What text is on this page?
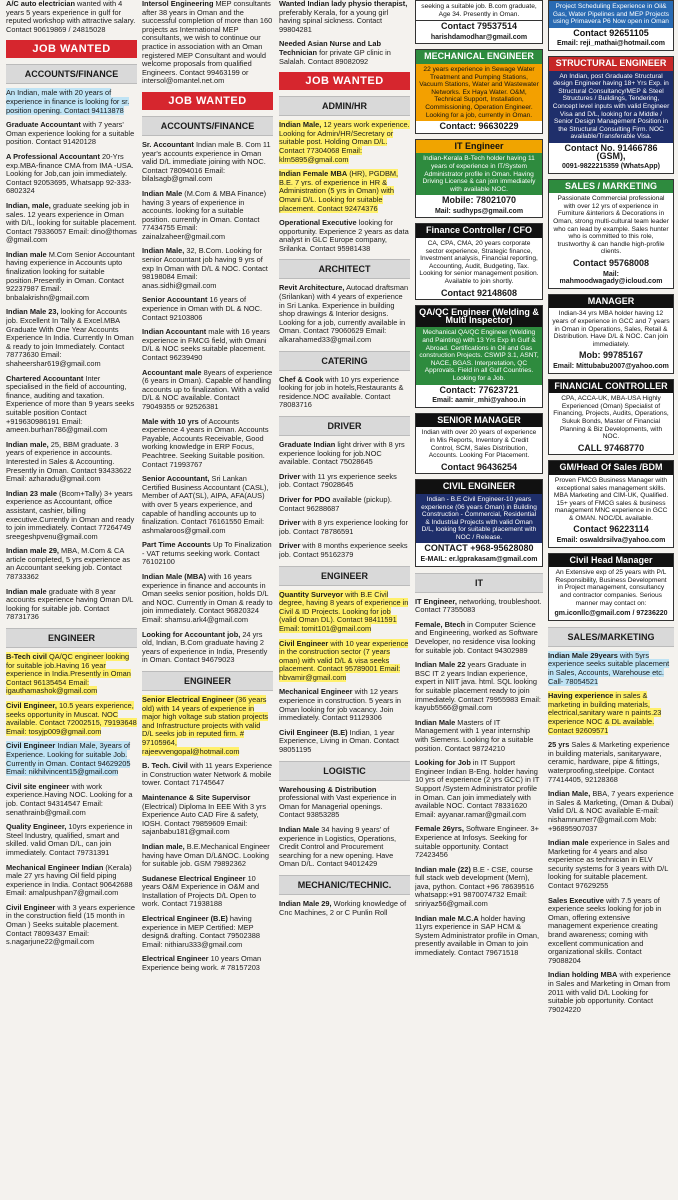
A/C auto electrician wanted with 4 years 5 years experience in gulf for reputed workshop with attractive salary. Contact 90619869 / 24815028

JOB WANTED
ACCOUNTS/FINANCE

An Indian, male with 20 years of experience in finance is looking for sr. position opening. Contact 94113878

Graduate Accountant with 7 years' Oman experience looking for a suitable position. Contact 91420128

A Professional Accountant 20-Yrs exp.MBA-finance CMA from IMA -USA. Looking for Job,can join immediately. Contact 92053695, Whatsapp 92-333-6802324

Indian, male, graduate seeking job in sales. 12 years experience in Oman with D/L, looking for suitable placement. Contact 79336057 Email: dino@thomas @gmail.com

Indian male M.Com Senior Accountant having experience in Accounts upto finalization looking for suitable position.Presently in Oman. Contact 92237987 Email: bnbalakrishn@gmail.com

Indian Male 23, looking for Accounts job. Excellent In Tally & Excel.MBA Graduate With One Year Accounts Experience In India. Currently In Oman & ready to join Immediately. Contact 78773630 Email: shaheershar619@gmail.com

Chartered Accountant Inter specialised in the field of accounting, finance, auditing and taxation. Experience of more than 9 years seeks suitable position Contact +919630986191 Email: ameen.burhan786@gmail.com

Indian male, 25, BBM graduate. 3 years of experience in accounts. Interested in Sales & Accounting. Presently in Oman. Contact 93433622 Email: azharadu@gmail.com

Indian 23 male (Bcom+Tally) 3+ years experience as Accountant, office assistant, cashier, billing executive.Currently in Oman and ready to join immediately. Contact 77264749 sreegeshpvenu@gmail.com

Indian male 29, MBA, M.Com & CA article completed, 5 yrs experience as an Accountant seeking job. Contact 78733362

Indian male graduate with 8 year accounts experience having Oman D/L looking for suitable job. Contact 78731736

ENGINEER

B-Tech civil QA/QC engineer looking for suitable job.Having 16 year experience in India.Presently in Oman Contact 96135454 Email: igauthamashok@gmail.com

Civil Engineer, 10.5 years experience, seeks opportunity in Muscat. NOC available. Contact 72002515, 79193648 Email: tosyjp009@gmail.com

Civil Engineer Indian Male, 3years of Experience. Looking for suitable Job. Currently in Oman. Contact 94629205 Email: nikhilvincent15@gmail.com

Civil site engineer with work experience.Having NOC. Looking for a job. Contact 94314547 Email: senathrainb@gmail.com

Quality Engineer, 10yrs experience in Steel Industry, qualified, smart and skilled. valid Oman D/L, can join immediately. Contact 79731391

Mechanical Engineer Indian (Kerala) male 27 yrs having Oil field piping experience in India. Contact 90642688 Email: amalpushpan7@gmail.com

Civil Engineer with 3 years experience in the construction field (15 month in Oman ) Seeks suitable placement. Contact 78093437 Email: s.nagarjune22@gmail.com

Intersol Engineering MEP consultants after 38 years in Oman and the successful completion of more than 160 projects as International MEP consultants, we wish to continue our practice in association with an Oman registered MEP Consultant and would welcome proposals from qualified Engineers. Contact 99463199 or intersol@omantel.net.om

JOB WANTED
ACCOUNTS/FINANCE

Sr. Accountant Indian male B. Com 11 year's accounts experience in Oman valid D/L immediate joining with NOC. Contact 78094016 Email: bilalsagb@gmail.com

Indian Male (M.Com & MBA Finance) having 3 years of experience in accounts. looking for a suitable position. currently in Oman. Contact 77434755 Email: zainalzaheer@gmail.com

Indian Male, 32, B.Com. Looking for senior Accountant job having 9 yrs of exp In Oman with D/L & NOC. Contact 98198084 Email: anas.sidhi@gmail.com

Senior Accountant 16 years of experience in Oman with DL & NOC. Contact 92103806

Indian Accountant male with 16 years experience in FMCG field, with Omani D/L & NOC seeks suitable placement. Contact 96239490

Accountant male 8years of experience (6 years in Oman). Capable of handling accounts up to finalization. With a valid D/L & NOC available. Contact 79049355 or 92526381

Male with 10 yrs of Accounts experience 4 years in Oman. Accounts Payable, Accounts Receivable, Good working knowledge in ERP Focus, Peachtree. Seeking Suitable position. Contact 71993767

Senior Accountant, Sri Lankan Certified Business Accountant (CASL), Member of AAT(SL), AIPA, AFA(AUS) with over 5 years experience, and capable of handling accounts up to finalization. Contact 76161550 Email: ashmalaroos@gmail.com

Part Time Accounts Up To Finalization - VAT returns seeking work. Contact 76102100

Indian Male (MBA) with 16 years experience in finance and accounts in Oman seeks senior position, holds D/L and NOC. Currently in Oman & ready to join immediately. Contact 96820324 Email: shamsu.ark4@gmail.com

Looking for Accountant job, 24 yrs old, Indian, B.Com graduate having 2 years of experience in India, Presently in Oman. Contact 94679023

ENGINEER

Senior Electrical Engineer (36 years old) with 14 years of experience in major high voltage sub station projects and Infrastructure projects with valid D/L seeks job in reputed firm. # 97105964, rajeevvengopal@hotmail.com

B. Tech. Civil with 11 years Experience in Construction water Network & mobile tower. Contact 71745647

Maintenance & Site Supervisor (Electrical) Diploma In EEE With 3 yrs Experience Auto CAD Fire & safety, IOSH. Contact 79859609 Email: sajanbabu181@gmail.com

Indian male, B.E.Mechanical Engineer having have Oman D/L&NOC. Looking for suitable job. GSM 79892362

Sudanese Electrical Engineer 10 years O&M Experience in O&M and Installation of Projects D/L Open to work. Contact 71938188

Electrical Engineer (B.E) having experience in MEP Certified: MEP design& drafting. Contact 79502388 Email: nithiaru333@gmail.com

Electrical Engineer 10 years Oman Experience being work. # 78157203

Wanted Indian lady physio therapist, preferably Kerala, for a young girl having spinal sickness. Contact 99804281

Needed Asian Nurse and Lab Technician for private GP clinic in Salalah. Contact 89082092

JOB WANTED
ADMIN/HR

Indian Male, 12 years work experience. Looking for Admin/HR/Secretary or suitable post. Holding Oman D/L. Contact 77304068 Email: klrn5895@gmail.com

Indian Female MBA (HR), PGDBM, B.E. 7 yrs. of experience in HR & Administration (5 yrs in Oman) with Omani D/L. Looking for suitable placement. Contact 92474376

Operational Executive looking for opportunity. Experience 2 years as data analyst in GLC Europe company, Srilanka. Contact 95981438

ARCHITECT

Revit Architecture, Autocad draftsman (Srilankan) with 4 years of experience in Sri Lanka. Experience in building shop drawings & Interior designs. Looking for a job, currently available in Oman. Contact 79060629 Email: alkarahamed33@gmail.com

CATERING

Chef & Cook with 10 yrs experience looking for job in hotels,Restaurants & residence.NOC available. Contact 78083716

DRIVER

Graduate Indian light driver with 8 yrs experience looking for job.NOC available. Contact 75028645

Driver with 11 yrs experience seeks job. Contact 79028645

Driver for PDO available (pickup). Contact 96288687

Driver with 8 yrs experience looking for job. Contact 78786591

Driver with 8 months experience seeks job. Contact 95162379

ENGINEER

Quantity Surveyor with B.E Civil degree, having 8 years of experience in Civil & ID Projects. Looking for job (valid Oman DL). Contact 98411591 Email: tomit101@gmail.com

Civil Engineer with 10 year experience in the construction sector (7 years oman) with valid D/L & visa seeks placement. Contact 95789001 Email: hbvamir@gmail.com

Mechanical Engineer with 12 years experience in construction. 5 years in Oman looking for job vacancy. Join immediately. Contact 91129306

Civil Engineer (B.E) Indian, 1 year Experience, Living in Oman. Contact 98051195

LOGISTIC

Warehousing & Distribution professional with Vast experience in Oman for Managerial openings. Contact 93853285

Indian Male 34 having 9 years' of experience in Logistics, Operations, Credit Control and Procurement searching for a new opening. Have Oman D/L. Contact 94012429

MECHANIC/TECHNIC.

Indian Male 29, Working knowledge of Cnc Machines, 2 or C Punlin Roll

seeking a suitable job. B.com graduate, Age 34. Presently in Oman.
Contact 79537514
harishdamodhar@gmail.com
MECHANICAL ENGINEER
22 years experience in Sewage Water Treatment and Pumping Stations, Vacuum Stations, Water and Wastewater Networks. Ex Haya Water. O&M, Technical Support, Installation, Commissioning, Operation Engineer. Looking for a job, currently in Oman.
Contact: 96630229
IT Engineer
Indian-Kerala B-Tech holder having 11 years of experience in IT/System Administrator profile in Oman. Having Driving License & can join immediately with available NOC.
Mobile: 78021070
Mail: sudhyps@gmail.com
Finance Controller / CFO
CA, CPA, CMA, 20 years corporate sector experience, Strategic finance, Investment analysis, Financial reporting, Accounting, Audit, Budgeting, Tax. Looking for senior management position. Available to join shortly.
Contact 92148608
QA/QC Engineer (Welding & Multi Inspector)
Mechanical QA/QC Engineer (Welding and Painting) with 13 Yrs Exp in Gulf & Abroad. Certifications in Oil and Gas construction Projects. CSWIP 3.1, ASNT, NACE, BGAS. Interpretation, QC Approvals. Field in all Gulf Countries. Looking for a Job.
Contact: 77623721
Email: aamir_mhi@yahoo.in
SENIOR MANAGER
Indian with over 20 years of experience in Mis Reports, Inventory & Credit Control, SCM, Sales Distribution, Accounts. Looking For Placement.
Contact 96436254
CIVIL ENGINEER
Indian - B.E Civil Engineer-10 years experience (06 years Oman) in Building Construction - Commercial, Residential & Industrial Projects with valid Oman D/L, looking for suitable placement with NOC / Release.
CONTACT +968-95628080
E-MAIL: er.lgprakasam@gmail.com
IT

IT Engineer, networking, troubleshoot. Contact 77355083

Female, Btech in Computer Science and Engineering, worked as Software Developer, no residence visa looking for suitable job. Contact 94302989

Indian Male 22 years Graduate in BSC IT 2 years Indian experience, expert in NIIT java. html. SQL looking for suitable placement ready to join immediately. Contact 79955983 Email: kayub5566@gmail.com

Indian Male Masters of IT Management with 1 year internship with Siemens. Looking for a suitable position. Contact 98724210

Looking for Job in IT Support Engineer Indian B-Eng. holder having 10 yrs of experience (2 yrs GCC) in IT Support /System Administrator profile in Oman. Can join immediately with available NOC. Contact 78331620 Email: ayyanar.ramar@gmail.com

Female 26yrs, Software Engineer. 3+ Experience at Infosys. Seeking for suitable opportunity. Contact 72423456

Indian male (22) B.E - CSE, course full stack web development (Mern), java, python. Contact +96 78639516 whatsapp:+91 9870074732 Email: sririyaz56@gmail.com

Indian male M.C.A holder having 11yrs experience in SAP HCM & System Administrator profile in Oman, presently available in Oman to join immediately. Contact 79671518

Project Scheduling Experience in Oil& Gas, Water Pipelines and MEP Projects using Primavera P6 Now open in Oman
Contact 92651105
Email: reji_mathai@hotmail.com
STRUCTURAL ENGINEER
An Indian, post Graduate Structural design Engineer having 18+ Yrs Exp. in Structural Consultancy/MEP & Steel Structures / Buildings, Tendering, Concept level inputs with valid Engineer Visa and D/L, looking for a Middle / Senior Design Management Position in the Structural Consulting Firm. NOC available/Transferable Visa.
Contact No. 91466786 (GSM),
0091-9822215359 (WhatsApp)
SALES / MARKETING
Passionate Commercial professional with over 12 yrs of experience in Furniture &interiors & Decorations in Oman, strong multi-cultural team leader who can lead by example. Sales hunter who is committed to this role, trustworthy & can handle high-profile clients.
Contact 95768008
Mail: mahmoodwagady@icloud.com
MANAGER
Indian-34 yrs MBA holder having 12 years of experience in GCC and 7 years in Oman in Operations, Sales, Retail & Distribution. Have D/L & NOC. Can join immediately.
Mob: 99785167
Email: Mittubabu2007@yahoo.com
FINANCIAL CONTROLLER
CPA, ACCA-UK, MBA-USA Highly Experienced (Oman) Specialist of Financing, Projects, Audits, Operations, Sukuk Bonds, Master of Financial Planning & Biz Developments, with NOC.
CALL 97468770
GM/Head Of Sales /BDM
Proven FMCG Business Manager with exceptional sales management skills. MBA Marketing and CIM-UK, Qualified. 15+ years of FMCG sales & business management MNC experience in GCC & OMAN. NOC/DL available.
Contact 96223114
Email: oswaldrsilva@yahoo.com
Civil Head Manager
An Extensive exp of 25 years with P/L Responsibility, Business Development in Project management, consultancy and contractor companies. Serious manner may contact on:
gm.iconllc@gmail.com / 97236220
SALES/MARKETING

Indian Male 29years with 5yrs experience seeks suitable placement in Sales, Accounts, Warehouse etc. Call- 78054521

Having experience in sales & marketing in building materials, electrical,sanitary ware n paints.23 experience NOC & DL available. Contact 92609571

25 yrs Sales & Marketing experience in building materials, sanitaryware, ceramic, hardware, pipe & fittings, waterproofing,steelpipe. Contact 77414405, 92128368

Indian Male, BBA, 7 years experience in Sales & Marketing, (Oman & Dubai) Valid D/L & NOC available E-mail: nishamnumer7@gmail.com Mob: +96895907037

Indian male experience in Sales and Marketing for 4 years and also experience as technician in ELV security systems for 3 years with D/L looking for suitable placement. Contact 97629255

Sales Executive with 7.5 years of experience seeks looking for job in Oman, offering extensive management experience creating brand awareness; coming with excellent communication and organizational skills. Contact 79088204

Indian holding MBA with experience in Sales and Marketing in Oman from 2011 with valid D/L Looking for suitable job opportunity. Contact 79024220
